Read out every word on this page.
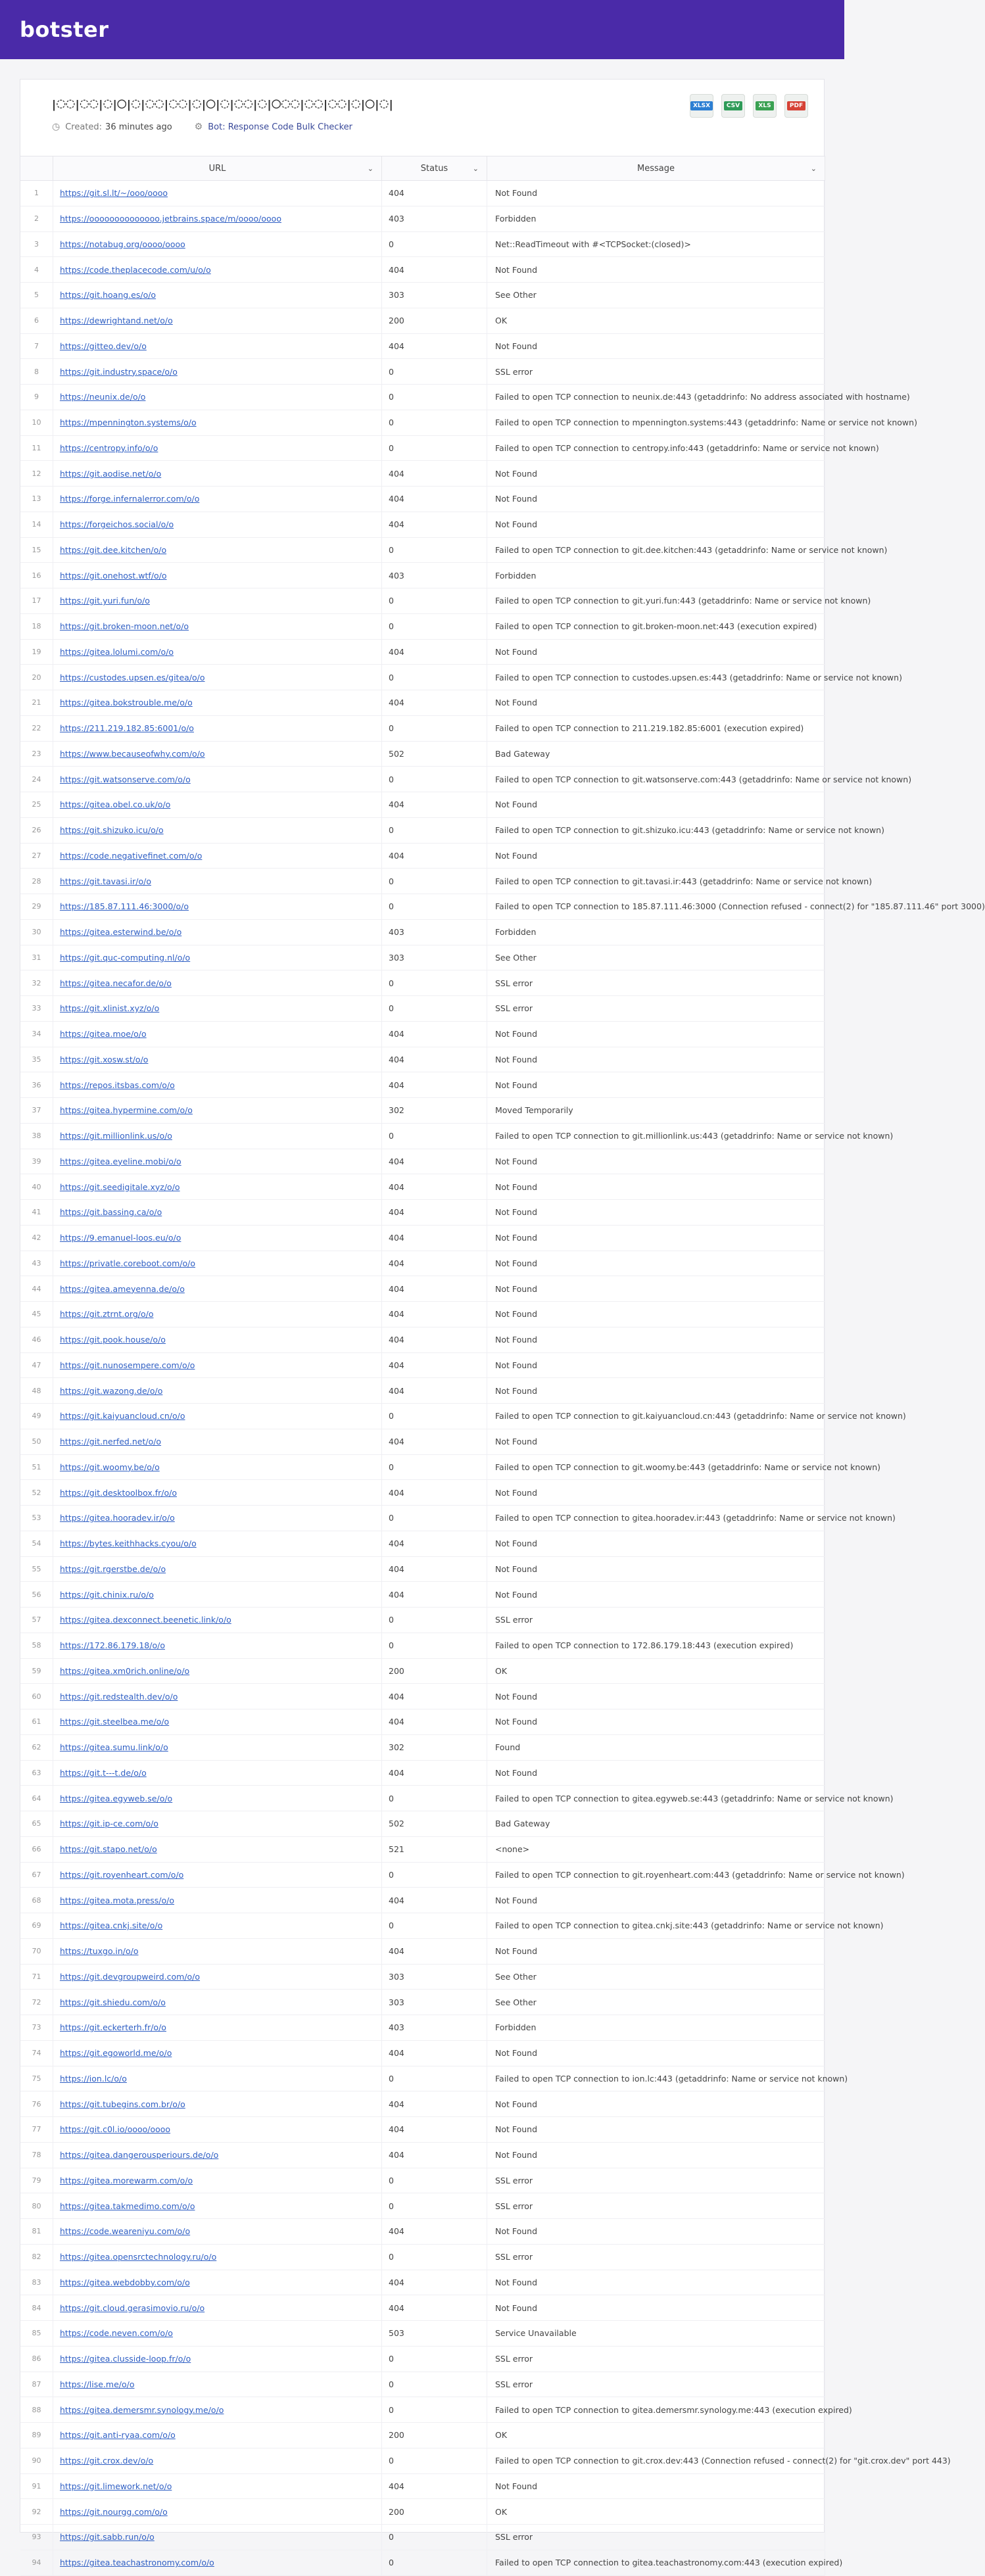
botster
ꞁ◌◌ꞁ◌◌ꞁ◌ꞁ◯ꞁ◌ꞁ◌◌ꞁ◌◌ꞁ◌ꞁ◯ꞁ◌ꞁ◌◌ꞁ◌ꞁ◯◌◌ꞁ◌◌ꞁ◌◌ꞁ◌ꞁ◯ꞁ◌ꞁ
◷ Created: 36 minutes ago ⚙ Bot: Response Code Bulk Checker
XLSX	CSV	XLS	PDF
URL	⌄	Status	⌄	Message	⌄
1	https://git.sl.lt/~/ooo/oooo	404	Not Found
2	https://oooooooooooooo.jetbrains.space/m/oooo/oooo	403	Forbidden
3	https://notabug.org/oooo/oooo	0	Net::ReadTimeout with #<TCPSocket:(closed)>
4	https://code.theplacecode.com/u/o/o	404	Not Found
5	https://git.hoang.es/o/o	303	See Other
6	https://dewrightand.net/o/o	200	OK
7	https://gitteo.dev/o/o	404	Not Found
8	https://git.industry.space/o/o	0	SSL error
9	https://neunix.de/o/o	0	Failed to open TCP connection to neunix.de:443 (getaddrinfo: No address associated with hostname)
10	https://mpennington.systems/o/o	0	Failed to open TCP connection to mpennington.systems:443 (getaddrinfo: Name or service not known)
11	https://centropy.info/o/o	0	Failed to open TCP connection to centropy.info:443 (getaddrinfo: Name or service not known)
12	https://git.aodise.net/o/o	404	Not Found
13	https://forge.infernalerror.com/o/o	404	Not Found
14	https://forgeichos.social/o/o	404	Not Found
15	https://git.dee.kitchen/o/o	0	Failed to open TCP connection to git.dee.kitchen:443 (getaddrinfo: Name or service not known)
16	https://git.onehost.wtf/o/o	403	Forbidden
17	https://git.yuri.fun/o/o	0	Failed to open TCP connection to git.yuri.fun:443 (getaddrinfo: Name or service not known)
18	https://git.broken-moon.net/o/o	0	Failed to open TCP connection to git.broken-moon.net:443 (execution expired)
19	https://gitea.lolumi.com/o/o	404	Not Found
20	https://custodes.upsen.es/gitea/o/o	0	Failed to open TCP connection to custodes.upsen.es:443 (getaddrinfo: Name or service not known)
21	https://gitea.bokstrouble.me/o/o	404	Not Found
22	https://211.219.182.85:6001/o/o	0	Failed to open TCP connection to 211.219.182.85:6001 (execution expired)
23	https://www.becauseofwhy.com/o/o	502	Bad Gateway
24	https://git.watsonserve.com/o/o	0	Failed to open TCP connection to git.watsonserve.com:443 (getaddrinfo: Name or service not known)
25	https://gitea.obel.co.uk/o/o	404	Not Found
26	https://git.shizuko.icu/o/o	0	Failed to open TCP connection to git.shizuko.icu:443 (getaddrinfo: Name or service not known)
27	https://code.negativefinet.com/o/o	404	Not Found
28	https://git.tavasi.ir/o/o	0	Failed to open TCP connection to git.tavasi.ir:443 (getaddrinfo: Name or service not known)
29	https://185.87.111.46:3000/o/o	0	Failed to open TCP connection to 185.87.111.46:3000 (Connection refused - connect(2) for "185.87.111.46" port 3000)
30	https://gitea.esterwind.be/o/o	403	Forbidden
31	https://git.quc-computing.nl/o/o	303	See Other
32	https://gitea.necafor.de/o/o	0	SSL error
33	https://git.xlinist.xyz/o/o	0	SSL error
34	https://gitea.moe/o/o	404	Not Found
35	https://git.xosw.st/o/o	404	Not Found
36	https://repos.itsbas.com/o/o	404	Not Found
37	https://gitea.hypermine.com/o/o	302	Moved Temporarily
38	https://git.millionlink.us/o/o	0	Failed to open TCP connection to git.millionlink.us:443 (getaddrinfo: Name or service not known)
39	https://gitea.eyeline.mobi/o/o	404	Not Found
40	https://git.seedigitale.xyz/o/o	404	Not Found
41	https://git.bassing.ca/o/o	404	Not Found
42	https://9.emanuel-loos.eu/o/o	404	Not Found
43	https://privatle.coreboot.com/o/o	404	Not Found
44	https://gitea.ameyenna.de/o/o	404	Not Found
45	https://git.ztrnt.org/o/o	404	Not Found
46	https://git.pook.house/o/o	404	Not Found
47	https://git.nunosempere.com/o/o	404	Not Found
48	https://git.wazong.de/o/o	404	Not Found
49	https://git.kaiyuancloud.cn/o/o	0	Failed to open TCP connection to git.kaiyuancloud.cn:443 (getaddrinfo: Name or service not known)
50	https://git.nerfed.net/o/o	404	Not Found
51	https://git.woomy.be/o/o	0	Failed to open TCP connection to git.woomy.be:443 (getaddrinfo: Name or service not known)
52	https://git.desktoolbox.fr/o/o	404	Not Found
53	https://gitea.hooradev.ir/o/o	0	Failed to open TCP connection to gitea.hooradev.ir:443 (getaddrinfo: Name or service not known)
54	https://bytes.keithhacks.cyou/o/o	404	Not Found
55	https://git.rgerstbe.de/o/o	404	Not Found
56	https://git.chinix.ru/o/o	404	Not Found
57	https://gitea.dexconnect.beenetic.link/o/o	0	SSL error
58	https://172.86.179.18/o/o	0	Failed to open TCP connection to 172.86.179.18:443 (execution expired)
59	https://gitea.xm0rich.online/o/o	200	OK
60	https://git.redstealth.dev/o/o	404	Not Found
61	https://git.steelbea.me/o/o	404	Not Found
62	https://gitea.sumu.link/o/o	302	Found
63	https://git.t---t.de/o/o	404	Not Found
64	https://gitea.egyweb.se/o/o	0	Failed to open TCP connection to gitea.egyweb.se:443 (getaddrinfo: Name or service not known)
65	https://git.ip-ce.com/o/o	502	Bad Gateway
66	https://git.stapo.net/o/o	521	<none>
67	https://git.royenheart.com/o/o	0	Failed to open TCP connection to git.royenheart.com:443 (getaddrinfo: Name or service not known)
68	https://gitea.mota.press/o/o	404	Not Found
69	https://gitea.cnkj.site/o/o	0	Failed to open TCP connection to gitea.cnkj.site:443 (getaddrinfo: Name or service not known)
70	https://tuxgo.in/o/o	404	Not Found
71	https://git.devgroupweird.com/o/o	303	See Other
72	https://git.shiedu.com/o/o	303	See Other
73	https://git.eckerterh.fr/o/o	403	Forbidden
74	https://git.egoworld.me/o/o	404	Not Found
75	https://ion.lc/o/o	0	Failed to open TCP connection to ion.lc:443 (getaddrinfo: Name or service not known)
76	https://git.tubegins.com.br/o/o	404	Not Found
77	https://git.c0l.io/oooo/oooo	404	Not Found
78	https://gitea.dangerousperiours.de/o/o	404	Not Found
79	https://gitea.morewarm.com/o/o	0	SSL error
80	https://gitea.takmedimo.com/o/o	0	SSL error
81	https://code.weareniyu.com/o/o	404	Not Found
82	https://gitea.opensrctechnology.ru/o/o	0	SSL error
83	https://gitea.webdobby.com/o/o	404	Not Found
84	https://git.cloud.gerasimovio.ru/o/o	404	Not Found
85	https://code.neven.com/o/o	503	Service Unavailable
86	https://gitea.clusside-loop.fr/o/o	0	SSL error
87	https://lise.me/o/o	0	SSL error
88	https://gitea.demersmr.synology.me/o/o	0	Failed to open TCP connection to gitea.demersmr.synology.me:443 (execution expired)
89	https://git.anti-ryaa.com/o/o	200	OK
90	https://git.crox.dev/o/o	0	Failed to open TCP connection to git.crox.dev:443 (Connection refused - connect(2) for "git.crox.dev" port 443)
91	https://git.limework.net/o/o	404	Not Found
92	https://git.nourgg.com/o/o	200	OK
93	https://git.sabb.run/o/o	0	SSL error
94	https://gitea.teachastronomy.com/o/o	0	Failed to open TCP connection to gitea.teachastronomy.com:443 (execution expired)
